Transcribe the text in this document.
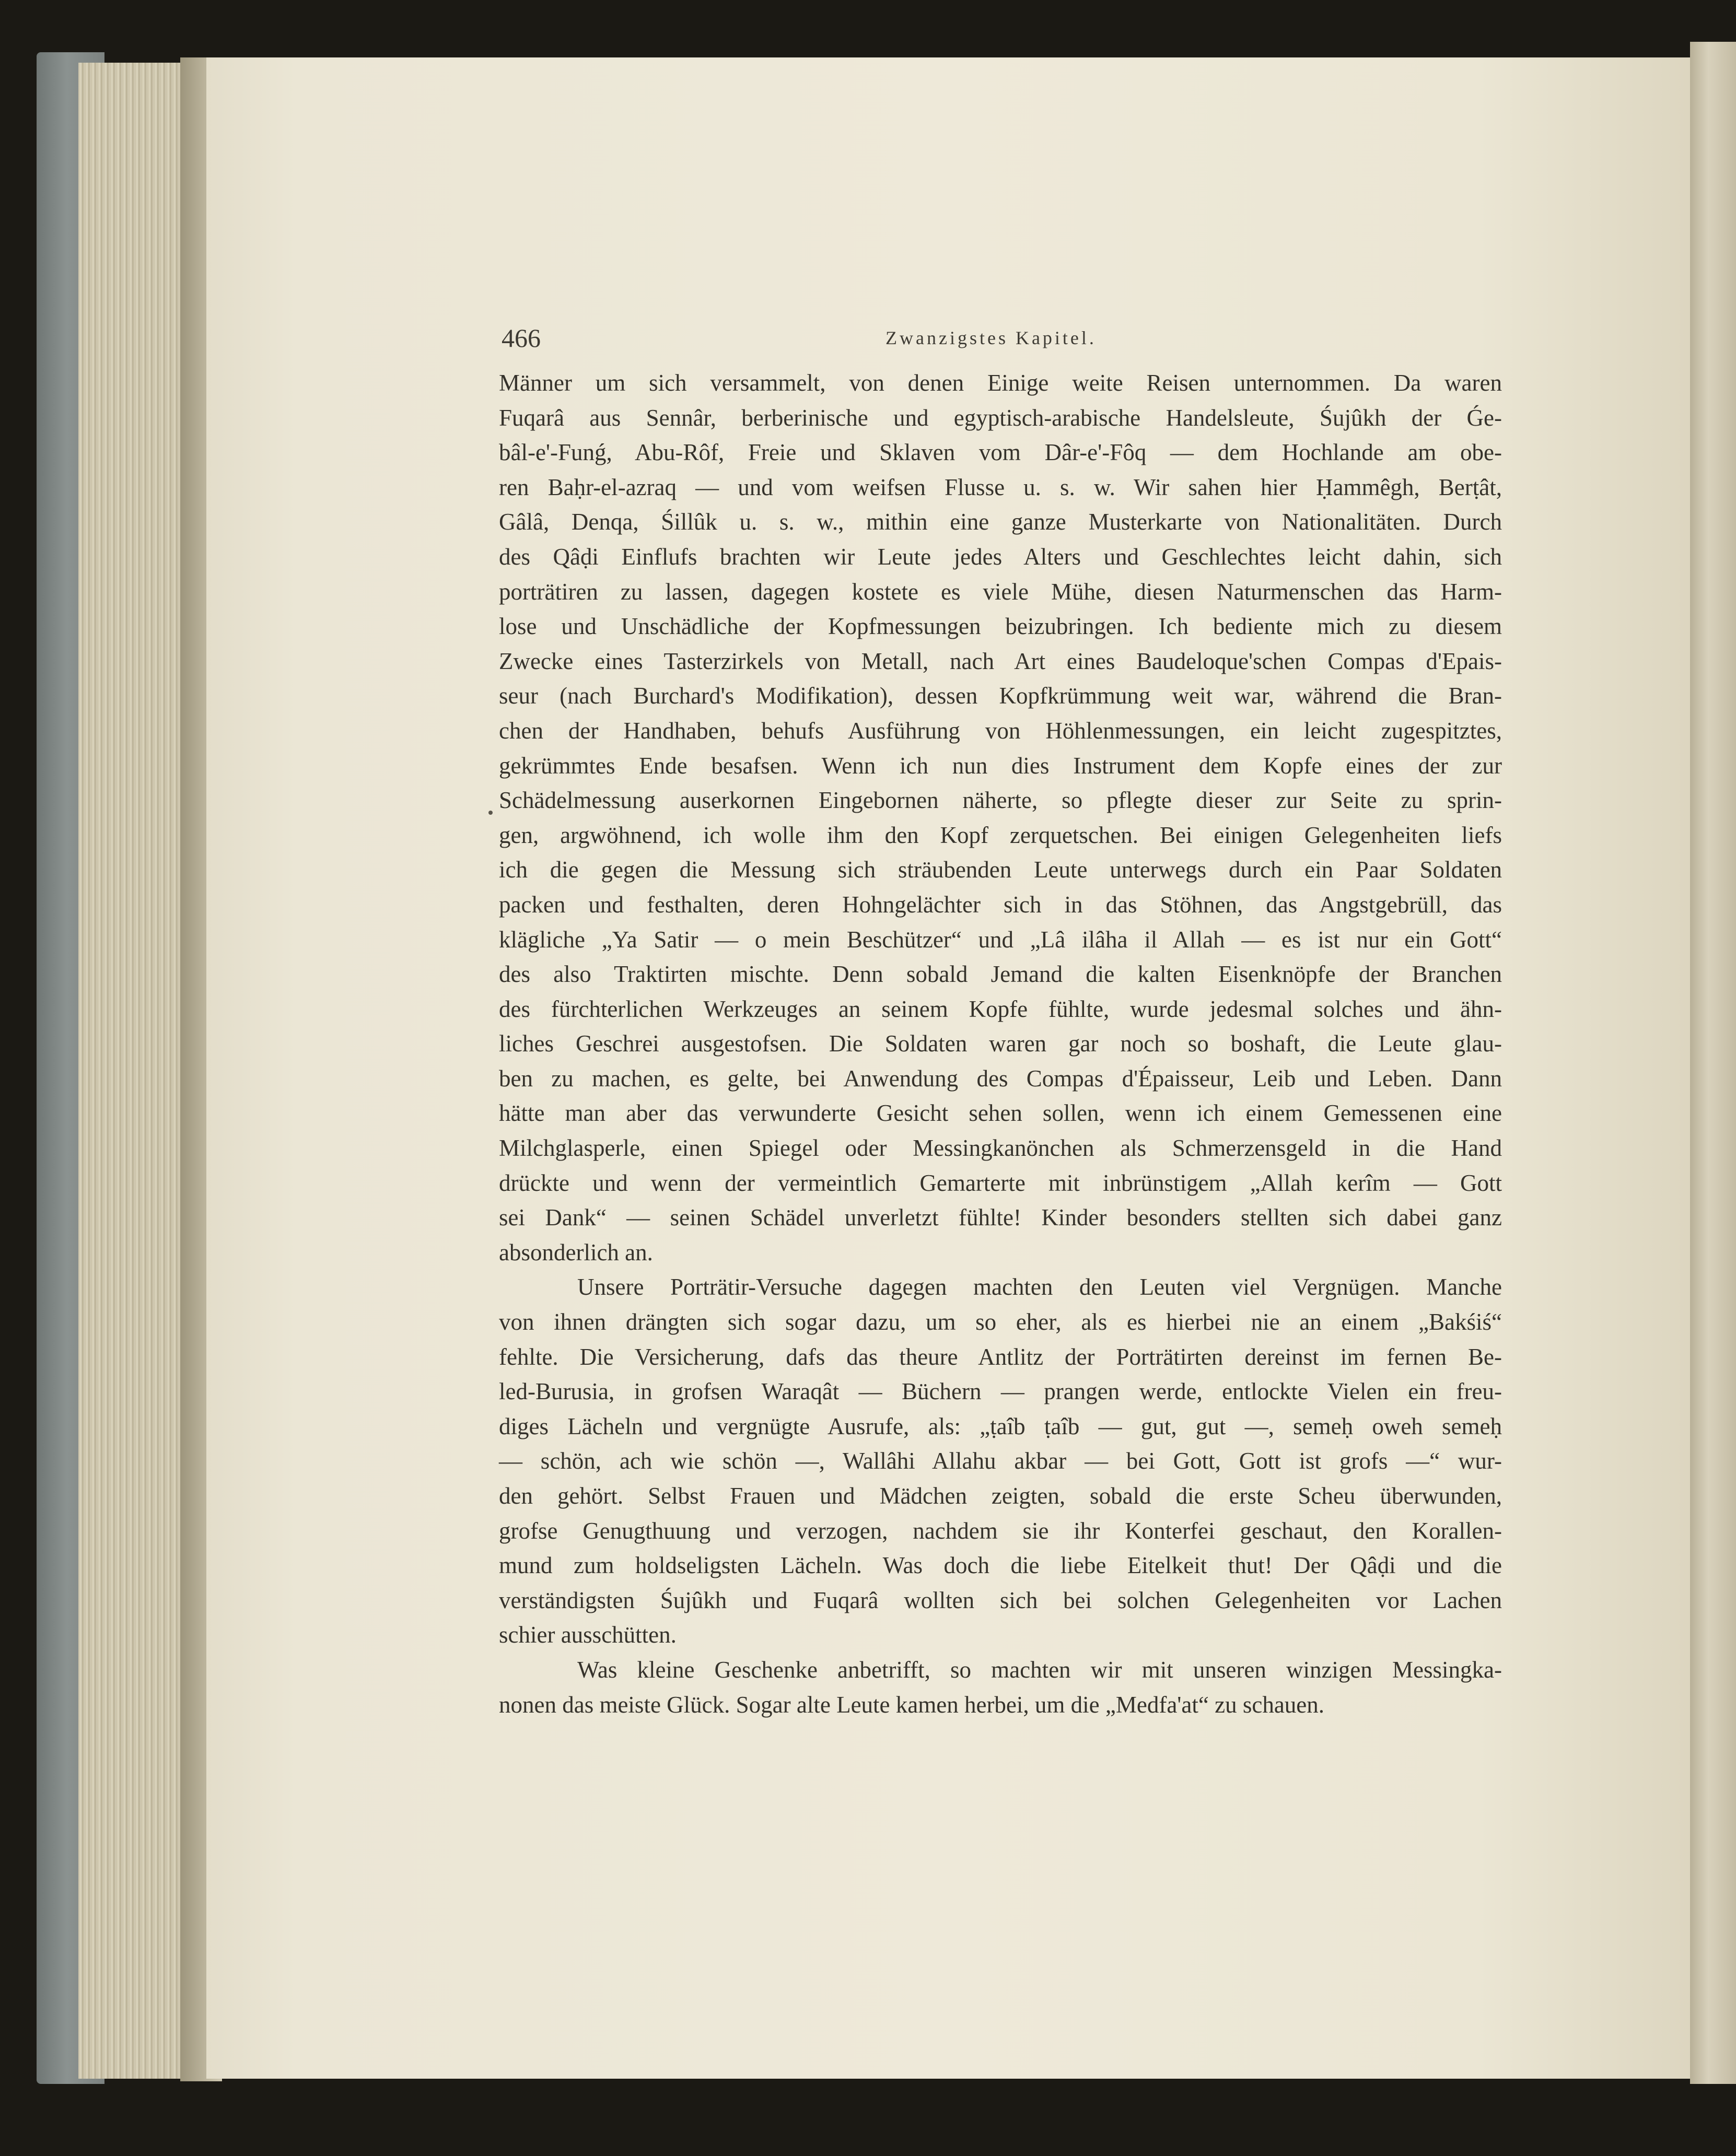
466	Zwanzigstes Kapitel.
Männer um sich versammelt, von denen Einige weite Reisen unternommen. Da waren
Fuqarâ aus Sennâr, berberinische und egyptisch-arabische Handelsleute, Śujûkh der Ǵe-
bâl-e'-Funǵ, Abu-Rôf, Freie und Sklaven vom Dâr-e'-Fôq — dem Hochlande am obe-
ren Baḥr-el-azraq — und vom weifsen Flusse u. s. w. Wir sahen hier Ḥammêgh, Berṭât,
Gâlâ, Denqa, Śillûk u. s. w., mithin eine ganze Musterkarte von Nationalitäten. Durch
des Qâḍi Einflufs brachten wir Leute jedes Alters und Geschlechtes leicht dahin, sich
porträtiren zu lassen, dagegen kostete es viele Mühe, diesen Naturmenschen das Harm-
lose und Unschädliche der Kopfmessungen beizubringen. Ich bediente mich zu diesem
Zwecke eines Tasterzirkels von Metall, nach Art eines Baudeloque'schen Compas d'Epais-
seur (nach Burchard's Modifikation), dessen Kopfkrümmung weit war, während die Bran-
chen der Handhaben, behufs Ausführung von Höhlenmessungen, ein leicht zugespitztes,
gekrümmtes Ende besafsen. Wenn ich nun dies Instrument dem Kopfe eines der zur
Schädelmessung auserkornen Eingebornen näherte, so pflegte dieser zur Seite zu sprin-
gen, argwöhnend, ich wolle ihm den Kopf zerquetschen. Bei einigen Gelegenheiten liefs
ich die gegen die Messung sich sträubenden Leute unterwegs durch ein Paar Soldaten
packen und festhalten, deren Hohngelächter sich in das Stöhnen, das Angstgebrüll, das
klägliche „Ya Satir — o mein Beschützer“ und „Lâ ilâha il Allah — es ist nur ein Gott“
des also Traktirten mischte. Denn sobald Jemand die kalten Eisenknöpfe der Branchen
des fürchterlichen Werkzeuges an seinem Kopfe fühlte, wurde jedesmal solches und ähn-
liches Geschrei ausgestofsen. Die Soldaten waren gar noch so boshaft, die Leute glau-
ben zu machen, es gelte, bei Anwendung des Compas d'Épaisseur, Leib und Leben. Dann
hätte man aber das verwunderte Gesicht sehen sollen, wenn ich einem Gemessenen eine
Milchglasperle, einen Spiegel oder Messingkanönchen als Schmerzensgeld in die Hand
drückte und wenn der vermeintlich Gemarterte mit inbrünstigem „Allah kerîm — Gott
sei Dank“ — seinen Schädel unverletzt fühlte! Kinder besonders stellten sich dabei ganz
absonderlich an.
Unsere Porträtir-Versuche dagegen machten den Leuten viel Vergnügen. Manche
von ihnen drängten sich sogar dazu, um so eher, als es hierbei nie an einem „Bakśiś“
fehlte. Die Versicherung, dafs das theure Antlitz der Porträtirten dereinst im fernen Be-
led-Burusia, in grofsen Waraqât — Büchern — prangen werde, entlockte Vielen ein freu-
diges Lächeln und vergnügte Ausrufe, als: „ṭaîb ṭaîb — gut, gut —, semeḥ oweh semeḥ
— schön, ach wie schön —, Wallâhi Allahu akbar — bei Gott, Gott ist grofs —“ wur-
den gehört. Selbst Frauen und Mädchen zeigten, sobald die erste Scheu überwunden,
grofse Genugthuung und verzogen, nachdem sie ihr Konterfei geschaut, den Korallen-
mund zum holdseligsten Lächeln. Was doch die liebe Eitelkeit thut! Der Qâḍi und die
verständigsten Śujûkh und Fuqarâ wollten sich bei solchen Gelegenheiten vor Lachen
schier ausschütten.
Was kleine Geschenke anbetrifft, so machten wir mit unseren winzigen Messingka-
nonen das meiste Glück. Sogar alte Leute kamen herbei, um die „Medfa'at“ zu schauen.
